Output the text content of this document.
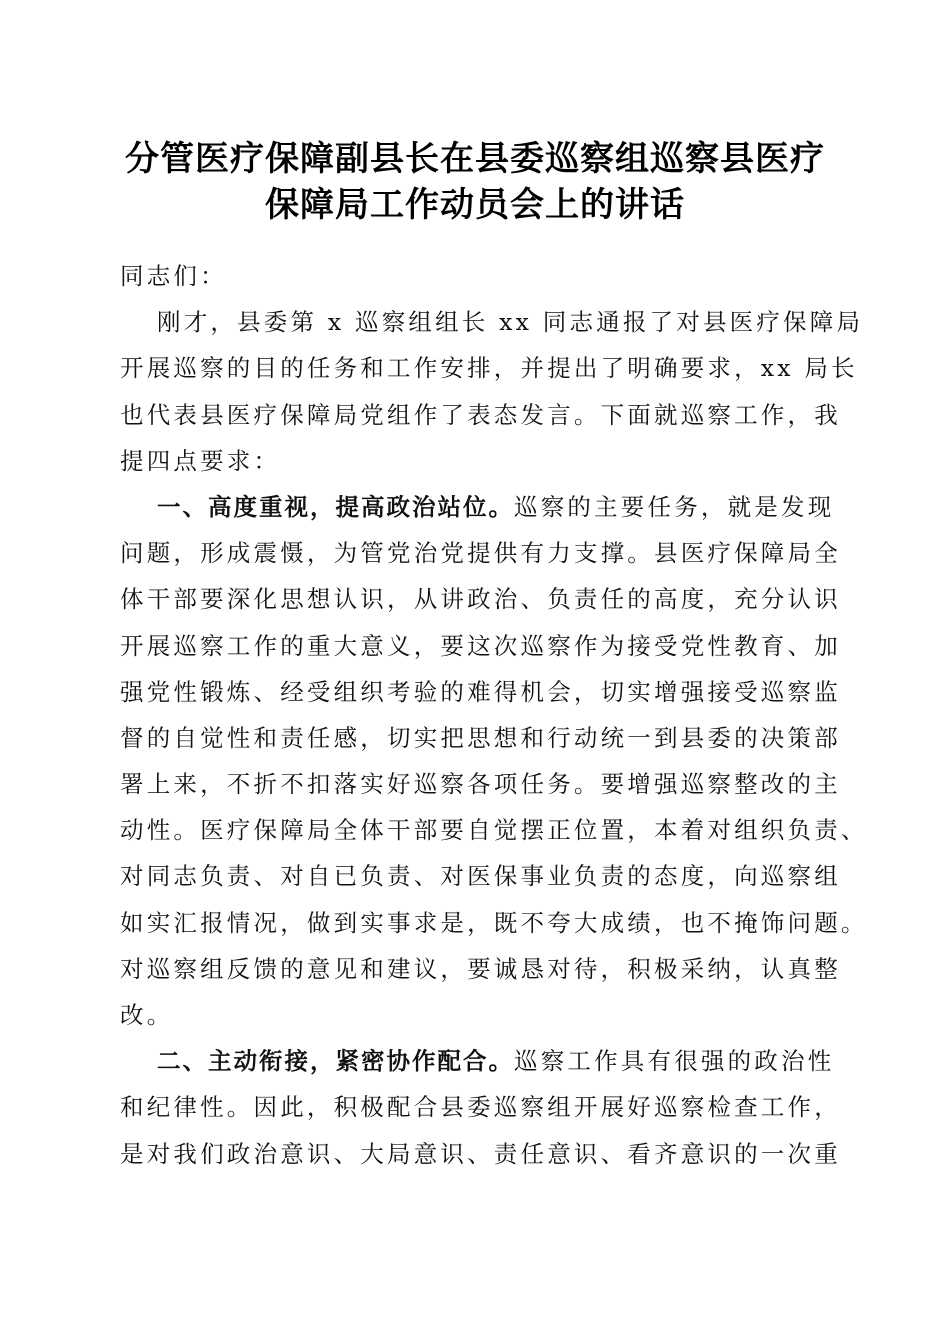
分管医疗保障副县长在县委巡察组巡察县医疗
保障局工作动员会上的讲话
同志们：
刚才，县委第 x 巡察组组长 xx 同志通报了对县医疗保障局
开展巡察的目的任务和工作安排，并提出了明确要求，xx 局长
也代表县医疗保障局党组作了表态发言。下面就巡察工作，我
提四点要求：
一、高度重视，提高政治站位。巡察的主要任务，就是发现
问题，形成震慑，为管党治党提供有力支撑。县医疗保障局全
体干部要深化思想认识，从讲政治、负责任的高度，充分认识
开展巡察工作的重大意义，要这次巡察作为接受党性教育、加
强党性锻炼、经受组织考验的难得机会，切实增强接受巡察监
督的自觉性和责任感，切实把思想和行动统一到县委的决策部
署上来，不折不扣落实好巡察各项任务。要增强巡察整改的主
动性。医疗保障局全体干部要自觉摆正位置，本着对组织负责、
对同志负责、对自已负责、对医保事业负责的态度，向巡察组
如实汇报情况，做到实事求是，既不夸大成绩，也不掩饰问题。
对巡察组反馈的意见和建议，要诚恳对待，积极采纳，认真整
改。
二、主动衔接，紧密协作配合。巡察工作具有很强的政治性
和纪律性。因此，积极配合县委巡察组开展好巡察检查工作，
是对我们政治意识、大局意识、责任意识、看齐意识的一次重
